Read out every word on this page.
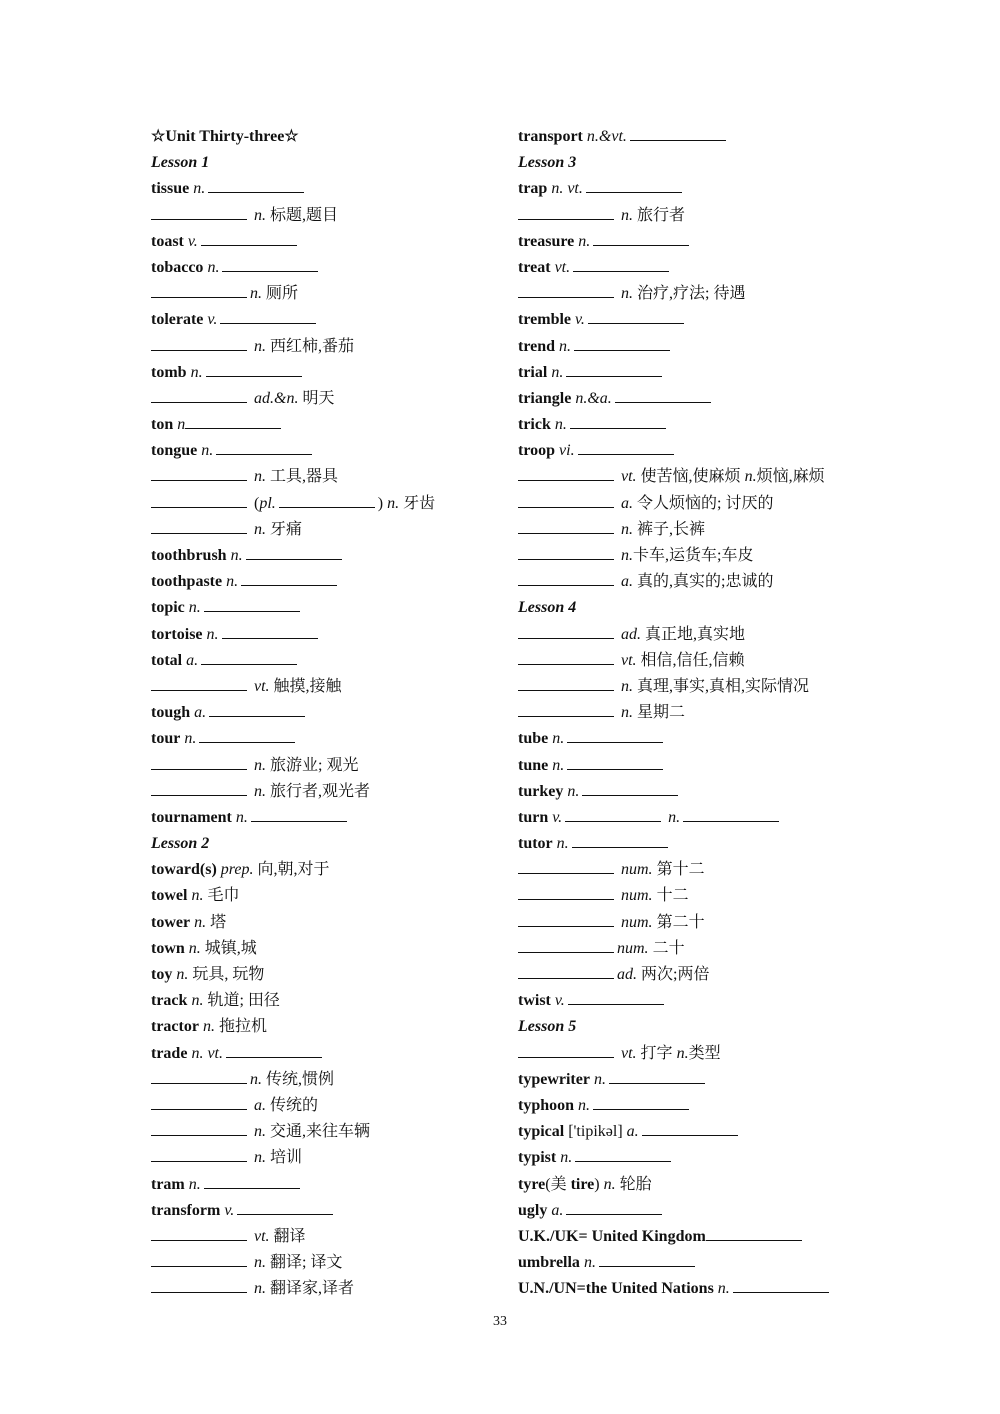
☆Unit Thirty-three☆
Lesson 1
tissue n.
n. 标题,题目
toast v.
tobacco n.
n. 厕所
tolerate v.
n. 西红柿,番茄
tomb n.
ad.&n. 明天
ton n
tongue n.
n. 工具,器具
(pl.	) n. 牙齿
n. 牙痛
toothbrush n.
toothpaste n.
topic n.
tortoise n.
total a.
vt. 触摸,接触
tough a.
tour n.
n. 旅游业; 观光
n. 旅行者,观光者
tournament n.
Lesson 2
toward(s) prep. 向,朝,对于
towel n. 毛巾
tower n. 塔
town n. 城镇,城
toy n. 玩具, 玩物
track n. 轨道; 田径
tractor n. 拖拉机
trade n. vt.
n. 传统,惯例
a. 传统的
n. 交通,来往车辆
n. 培训
tram n.
transform v.
vt. 翻译
n. 翻译; 译文
n. 翻译家,译者
transport n.&vt.
Lesson 3
trap n. vt.
n. 旅行者
treasure n.
treat vt.
n. 治疗,疗法; 待遇
tremble v.
trend n.
trial n.
triangle n.&a.
trick n.
troop vi.
vt. 使苦恼,使麻烦 n.烦恼,麻烦
a. 令人烦恼的; 讨厌的
n. 裤子,长裤
n.卡车,运货车;车皮
a. 真的,真实的;忠诚的
Lesson 4
ad. 真正地,真实地
vt. 相信,信任,信赖
n. 真理,事实,真相,实际情况
n. 星期二
tube n.
tune n.
turkey n.
turn v.	n.
tutor n.
num. 第十二
num. 十二
num. 第二十
num. 二十
ad. 两次;两倍
twist v.
Lesson 5
vt. 打字 n.类型
typewriter n.
typhoon n.
typical ['tipikəl] a.
typist n.
tyre(美 tire) n. 轮胎
ugly a.
U.K./UK= United Kingdom
umbrella n.
U.N./UN=the United Nations n.
33
